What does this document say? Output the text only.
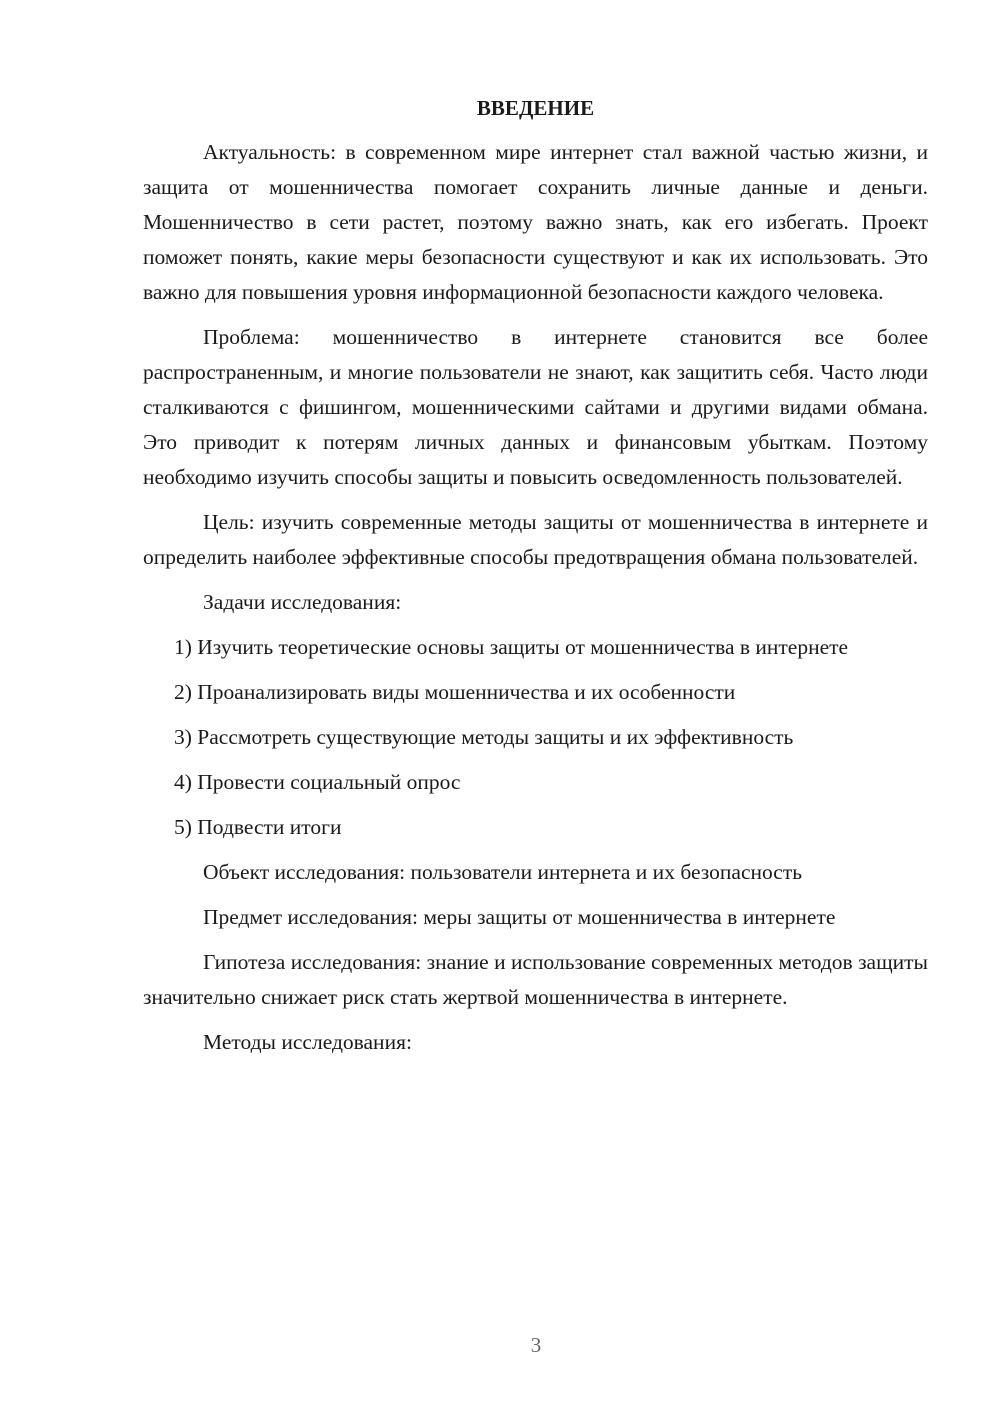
ВВЕДЕНИЕ

Актуальность: в современном мире интернет стал важной частью жизни, и защита от мошенничества помогает сохранить личные данные и деньги. Мошенничество в сети растет, поэтому важно знать, как его избегать. Проект поможет понять, какие меры безопасности существуют и как их использовать. Это важно для повышения уровня информационной безопасности каждого человека.

Проблема: мошенничество в интернете становится все более распространенным, и многие пользователи не знают, как защитить себя. Часто люди сталкиваются с фишингом, мошенническими сайтами и другими видами обмана. Это приводит к потерям личных данных и финансовым убыткам. Поэтому необходимо изучить способы защиты и повысить осведомленность пользователей.

Цель: изучить современные методы защиты от мошенничества в интернете и определить наиболее эффективные способы предотвращения обмана пользователей.

Задачи исследования:

1) Изучить теоретические основы защиты от мошенничества в интернете

2) Проанализировать виды мошенничества и их особенности

3) Рассмотреть существующие методы защиты и их эффективность

4) Провести социальный опрос

5) Подвести итоги

Объект исследования: пользователи интернета и их безопасность

Предмет исследования: меры защиты от мошенничества в интернете

Гипотеза исследования: знание и использование современных методов защиты значительно снижает риск стать жертвой мошенничества в интернете.

Методы исследования:

3
